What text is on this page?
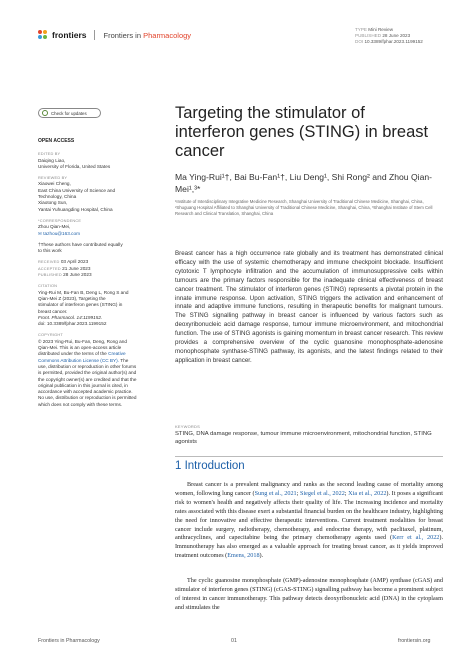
frontiers Frontiers in Pharmacology
TYPE Mini Review
PUBLISHED 28 June 2023
DOI 10.3389/fphar.2023.1199152
Check for updates
OPEN ACCESS
EDITED BY
Daiqing Liao,
University of Florida, United States
REVIEWED BY
Xiaowei Cheng,
East China University of Science and
Technology, China
Xiaotong Sun,
Yantai Yuhuangding Hospital, China
*CORRESPONDENCE
Zhou Qian-Mei,
✉ tazhou@163.com
†These authors have contributed equally
to this work
RECEIVED 03 April 2023
ACCEPTED 21 June 2023
PUBLISHED 28 June 2023
CITATION
Ying-Rui M, Bu-Fan B, Deng L, Rong S and
Qian-Mei Z (2023), Targeting the
stimulator of interferon genes (STING) in
breast cancer.
Front. Pharmacol. 14:1199152.
doi: 10.3389/fphar.2023.1199152
COPYRIGHT
© 2023 Ying-Rui, Bu-Fan, Deng, Rong and Qian-Mei. This is an open-access article distributed under the terms of the Creative Commons Attribution License (CC BY). The use, distribution or reproduction in other forums is permitted, provided the original author(s) and the copyright owner(s) are credited and that the original publication in this journal is cited, in accordance with accepted academic practice. No use, distribution or reproduction is permitted which does not comply with these terms.
Targeting the stimulator of interferon genes (STING) in breast cancer
Ma Ying-Rui¹†, Bai Bu-Fan¹†, Liu Deng¹, Shi Rong² and Zhou Qian-Mei¹,³*
¹Institute of Interdisciplinary Integrative Medicine Research, Shanghai University of Traditional Chinese Medicine, Shanghai, China, ²Shuguang Hospital Affiliated to Shanghai University of Traditional Chinese Medicine, Shanghai, China, ³Shanghai Institute of Stem Cell Research and Clinical Translation, Shanghai, China
Breast cancer has a high occurrence rate globally and its treatment has demonstrated clinical efficacy with the use of systemic chemotherapy and immune checkpoint blockade. Insufficient cytotoxic T lymphocyte infiltration and the accumulation of immunosuppressive cells within tumours are the primary factors responsible for the inadequate clinical effectiveness of breast cancer treatment. The stimulator of interferon genes (STING) represents a pivotal protein in the innate immune response. Upon activation, STING triggers the activation and enhancement of innate and adaptive immune functions, resulting in therapeutic benefits for malignant tumours. The STING signalling pathway in breast cancer is influenced by various factors such as deoxyribonucleic acid damage response, tumour immune microenvironment, and mitochondrial function. The use of STING agonists is gaining momentum in breast cancer research. This review provides a comprehensive overview of the cyclic guanosine monophosphate-adenosine monophosphate synthase-STING pathway, its agonists, and the latest findings related to their application in breast cancer.
KEYWORDS
STING, DNA damage response, tumour immune microenvironment, mitochondrial function, STING agonists
1 Introduction
Breast cancer is a prevalent malignancy and ranks as the second leading cause of mortality among women, following lung cancer (Sung et al., 2021; Siegel et al., 2022; Xia et al., 2022). It poses a significant risk to women's health and negatively affects their quality of life. The increasing incidence and mortality rates associated with this disease exert a substantial financial burden on the healthcare industry, highlighting the need for innovative and effective therapeutic interventions. Current treatment modalities for breast cancer include surgery, radiotherapy, chemotherapy, and endocrine therapy, with paclitaxel, platinum, anthracyclines, and capecitabine being the primary chemotherapy agents used (Kerr et al., 2022). Immunotherapy has also emerged as a valuable approach for treating breast cancer, as it yields improved treatment outcomes (Emens, 2018).
The cyclic guanosine monophosphate (GMP)-adenosine monophosphate (AMP) synthase (cGAS) and stimulator of interferon genes (STING) (cGAS-STING) signalling pathway has become a prominent subject of interest in cancer immunotherapy. This pathway detects deoxyribonucleic acid (DNA) in the cytoplasm and stimulates the
Frontiers in Pharmacology	01	frontiersin.org
